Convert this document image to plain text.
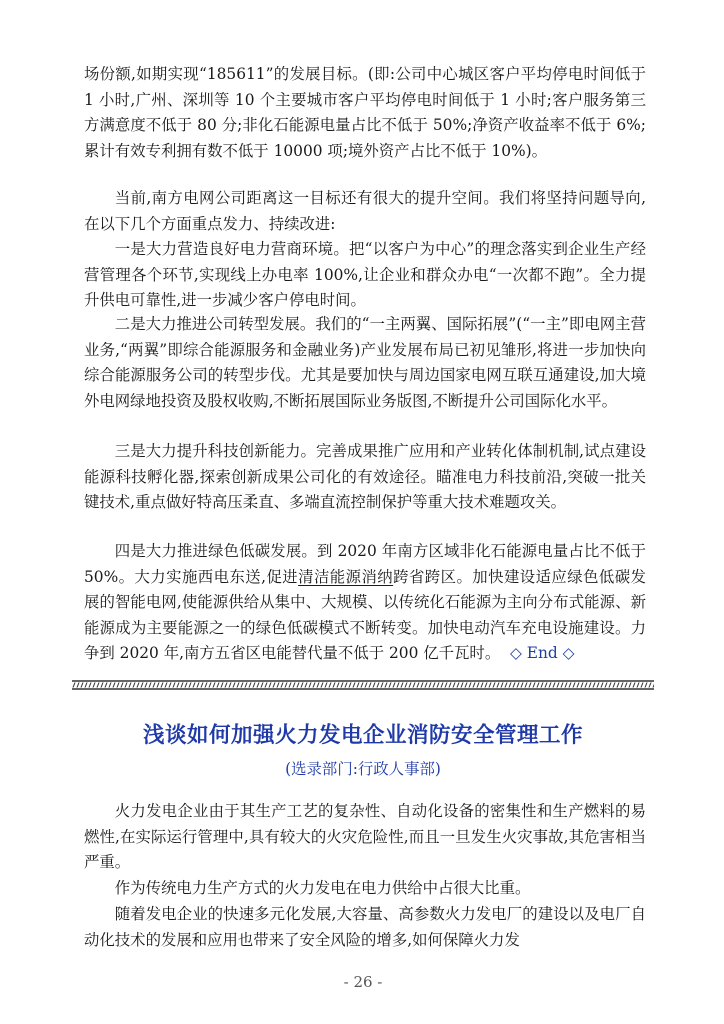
场份额,如期实现“185611”的发展目标。(即:公司中心城区客户平均停电时间低于 1 小时,广州、深圳等 10 个主要城市客户平均停电时间低于 1 小时;客户服务第三方满意度不低于 80 分;非化石能源电量占比不低于 50%;净资产收益率不低于 6%;累计有效专利拥有数不低于 10000 项;境外资产占比不低于 10%)。

当前,南方电网公司距离这一目标还有很大的提升空间。我们将坚持问题导向,在以下几个方面重点发力、持续改进:

一是大力营造良好电力营商环境。把“以客户为中心”的理念落实到企业生产经营管理各个环节,实现线上办电率 100%,让企业和群众办电“一次都不跑”。全力提升供电可靠性,进一步减少客户停电时间。

二是大力推进公司转型发展。我们的“一主两翼、国际拓展”(“一主”即电网主营业务,“两翼”即综合能源服务和金融业务)产业发展布局已初见雏形,将进一步加快向综合能源服务公司的转型步伐。尤其是要加快与周边国家电网互联互通建设,加大境外电网绿地投资及股权收购,不断拓展国际业务版图,不断提升公司国际化水平。

三是大力提升科技创新能力。完善成果推广应用和产业转化体制机制,试点建设能源科技孵化器,探索创新成果公司化的有效途径。瞄准电力科技前沿,突破一批关键技术,重点做好特高压柔直、多端直流控制保护等重大技术难题攻关。

四是大力推进绿色低碳发展。到 2020 年南方区域非化石能源电量占比不低于 50%。大力实施西电东送,促进清洁能源消纳跨省跨区。加快建设适应绿色低碳发展的智能电网,使能源供给从集中、大规模、以传统化石能源为主向分布式能源、新能源成为主要能源之一的绿色低碳模式不断转变。加快电动汽车充电设施建设。力争到 2020 年,南方五省区电能替代量不低于 200 亿千瓦时。 ◇ End ◇

浅谈如何加强火力发电企业消防安全管理工作

(选录部门:行政人事部)

火力发电企业由于其生产工艺的复杂性、自动化设备的密集性和生产燃料的易燃性,在实际运行管理中,具有较大的火灾危险性,而且一旦发生火灾事故,其危害相当严重。

作为传统电力生产方式的火力发电在电力供给中占很大比重。

随着发电企业的快速多元化发展,大容量、高参数火力发电厂的建设以及电厂自动化技术的发展和应用也带来了安全风险的增多,如何保障火力发

- 26 -
